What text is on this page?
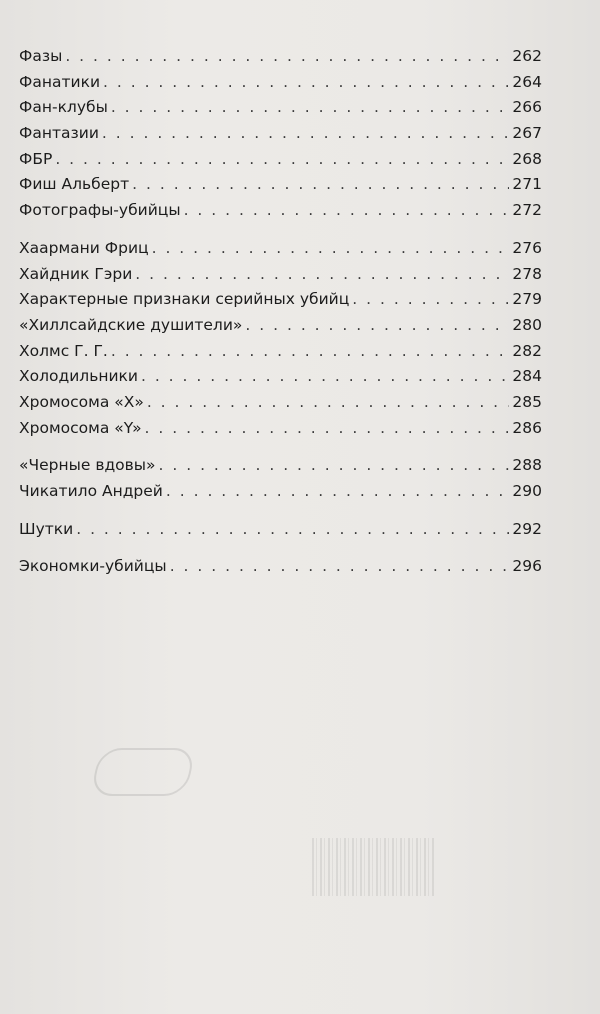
Фазы . . .	262
Фанатики . . .	264
Фан-клубы . . .	266
Фантазии . . .	267
ФБР . . .	268
Фиш Альберт . . .	271
Фотографы-убийцы . . .	272
Хаармани Фриц . . .	276
Хайдник Гэри . . .	278
Характерные признаки серийных убийц . . .	279
«Хиллсайдские душители» . . .	280
Холмс Г. Г. . . .	282
Холодильники . . .	284
Хромосома «Х» . . .	285
Хромосома «Y» . . .	286
«Черные вдовы» . . .	288
Чикатило Андрей . . .	290
Шутки . . .	292
Экономки-убийцы . . .	296
